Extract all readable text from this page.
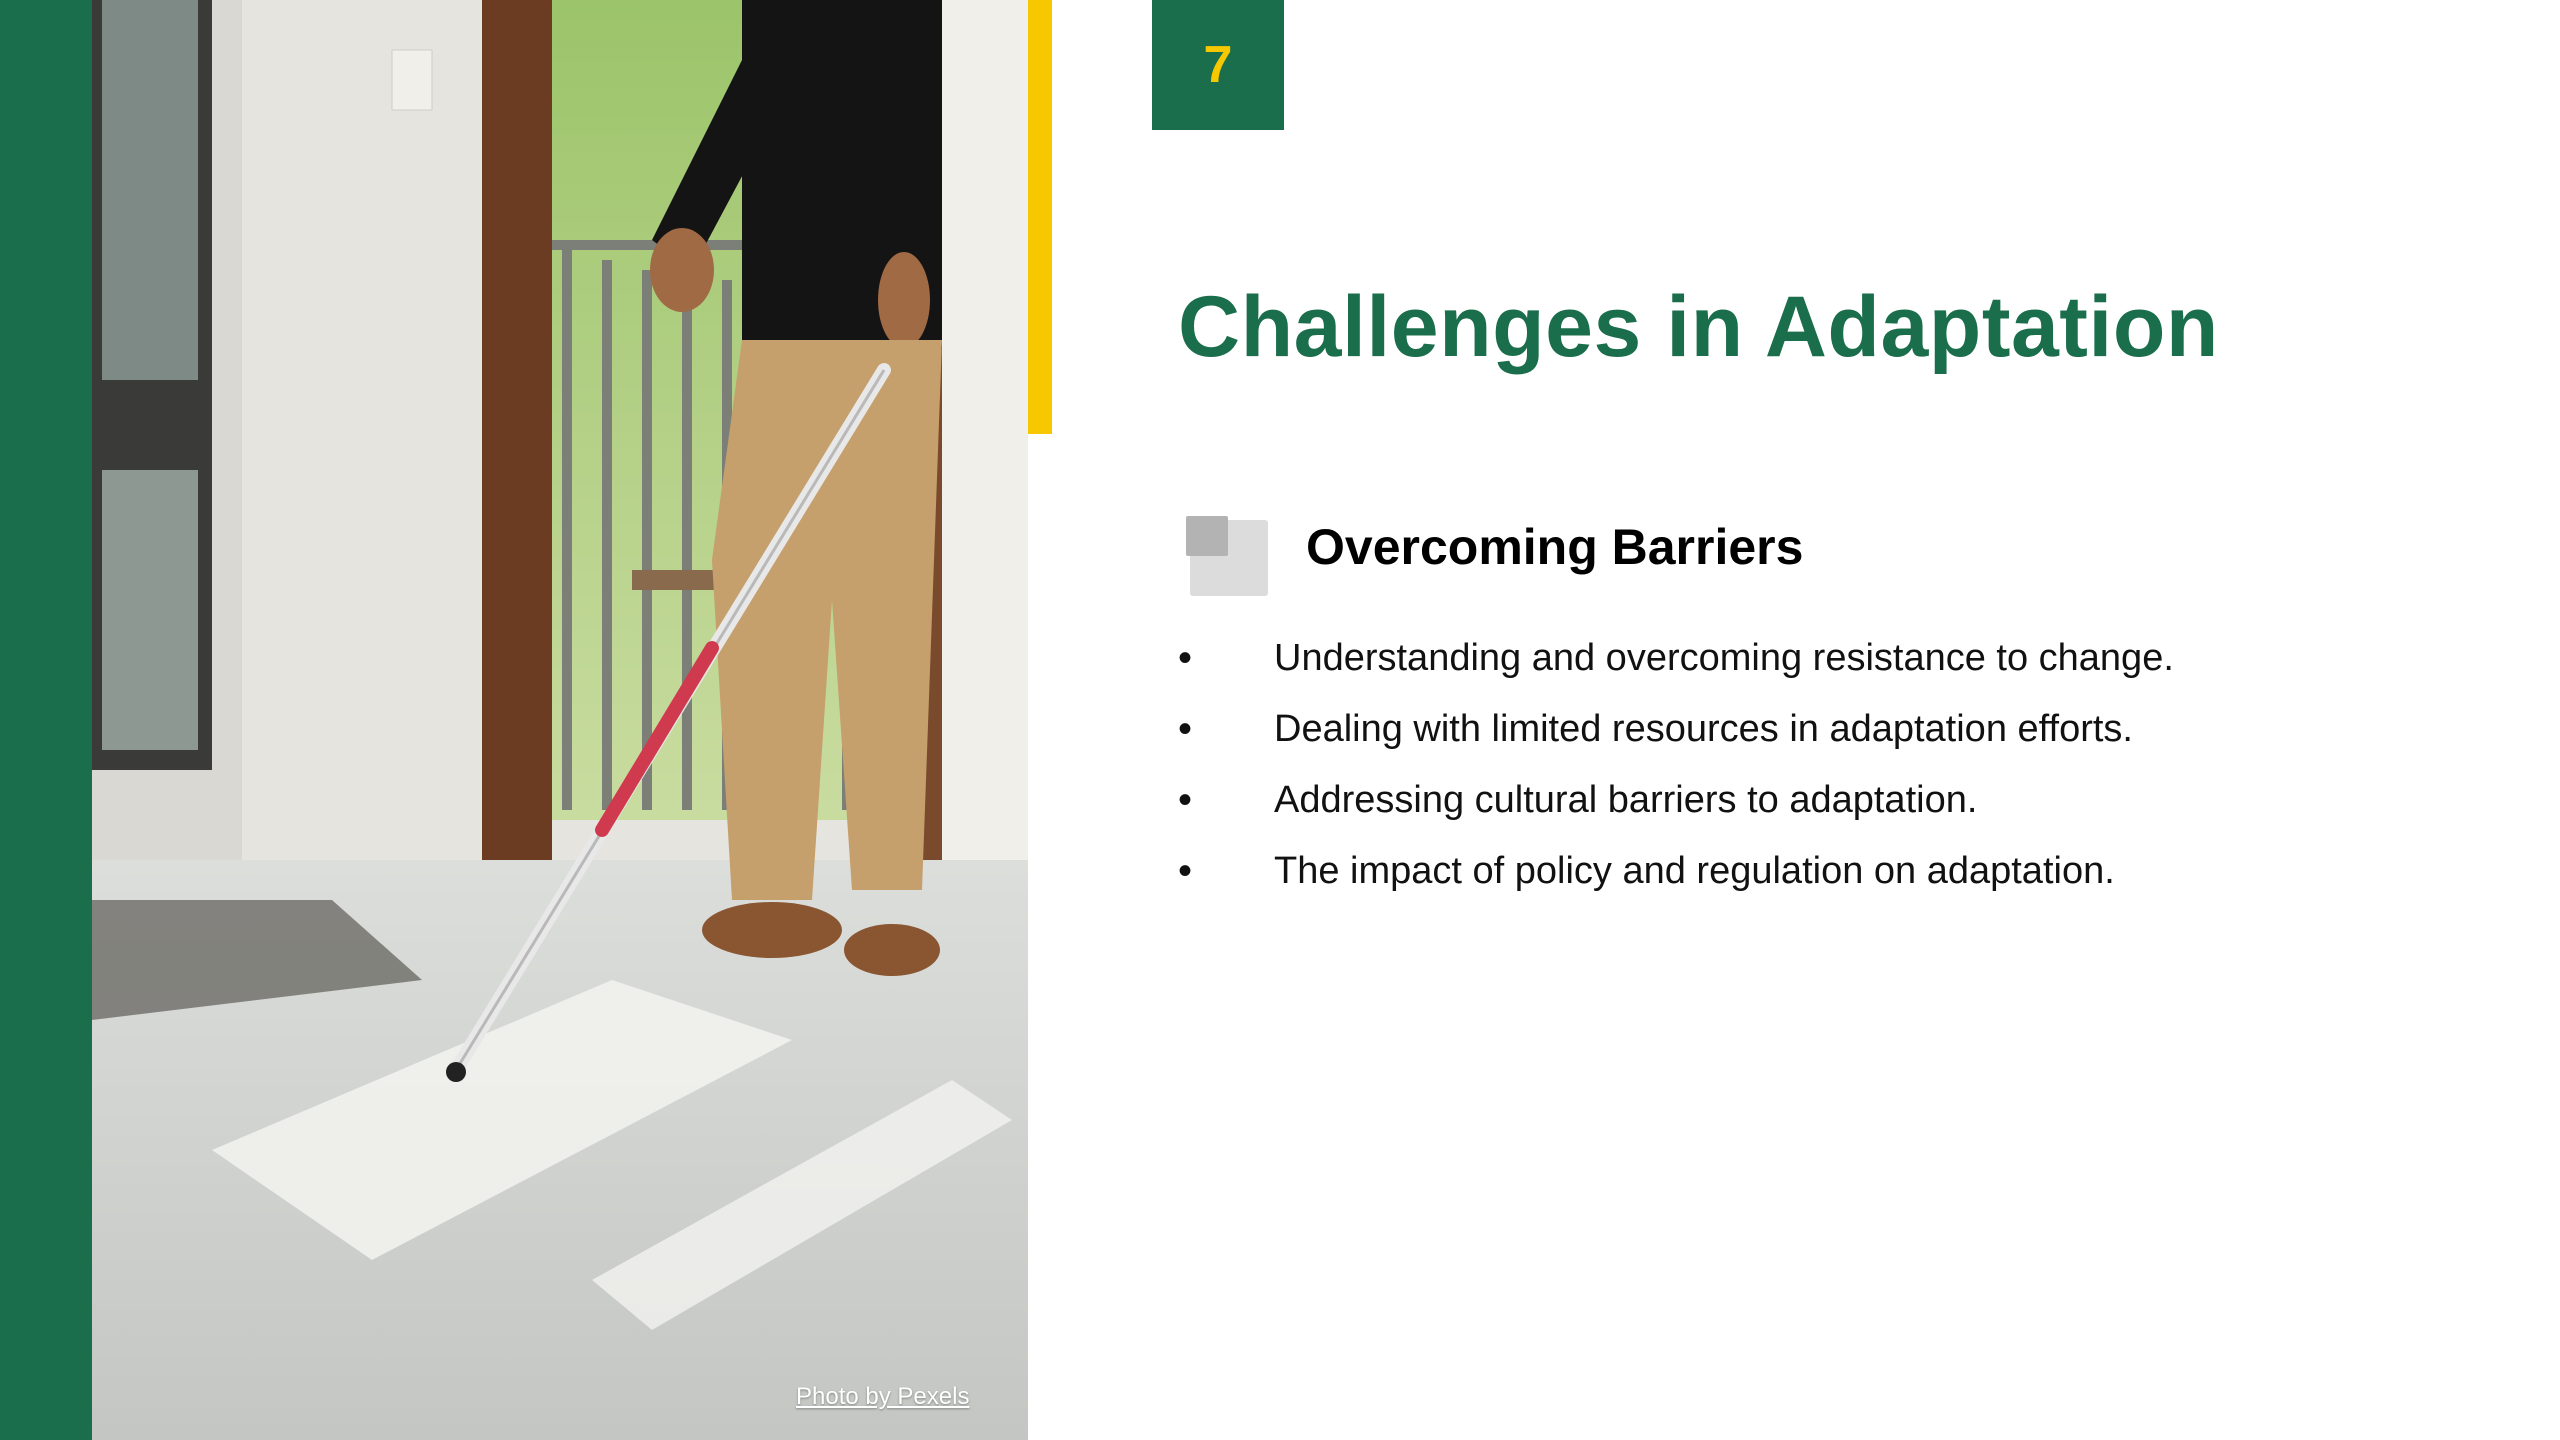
Photo by Pexels
7
Challenges in Adaptation
Overcoming Barriers
• Understanding and overcoming resistance to change.
• Dealing with limited resources in adaptation efforts.
• Addressing cultural barriers to adaptation.
• The impact of policy and regulation on adaptation.
